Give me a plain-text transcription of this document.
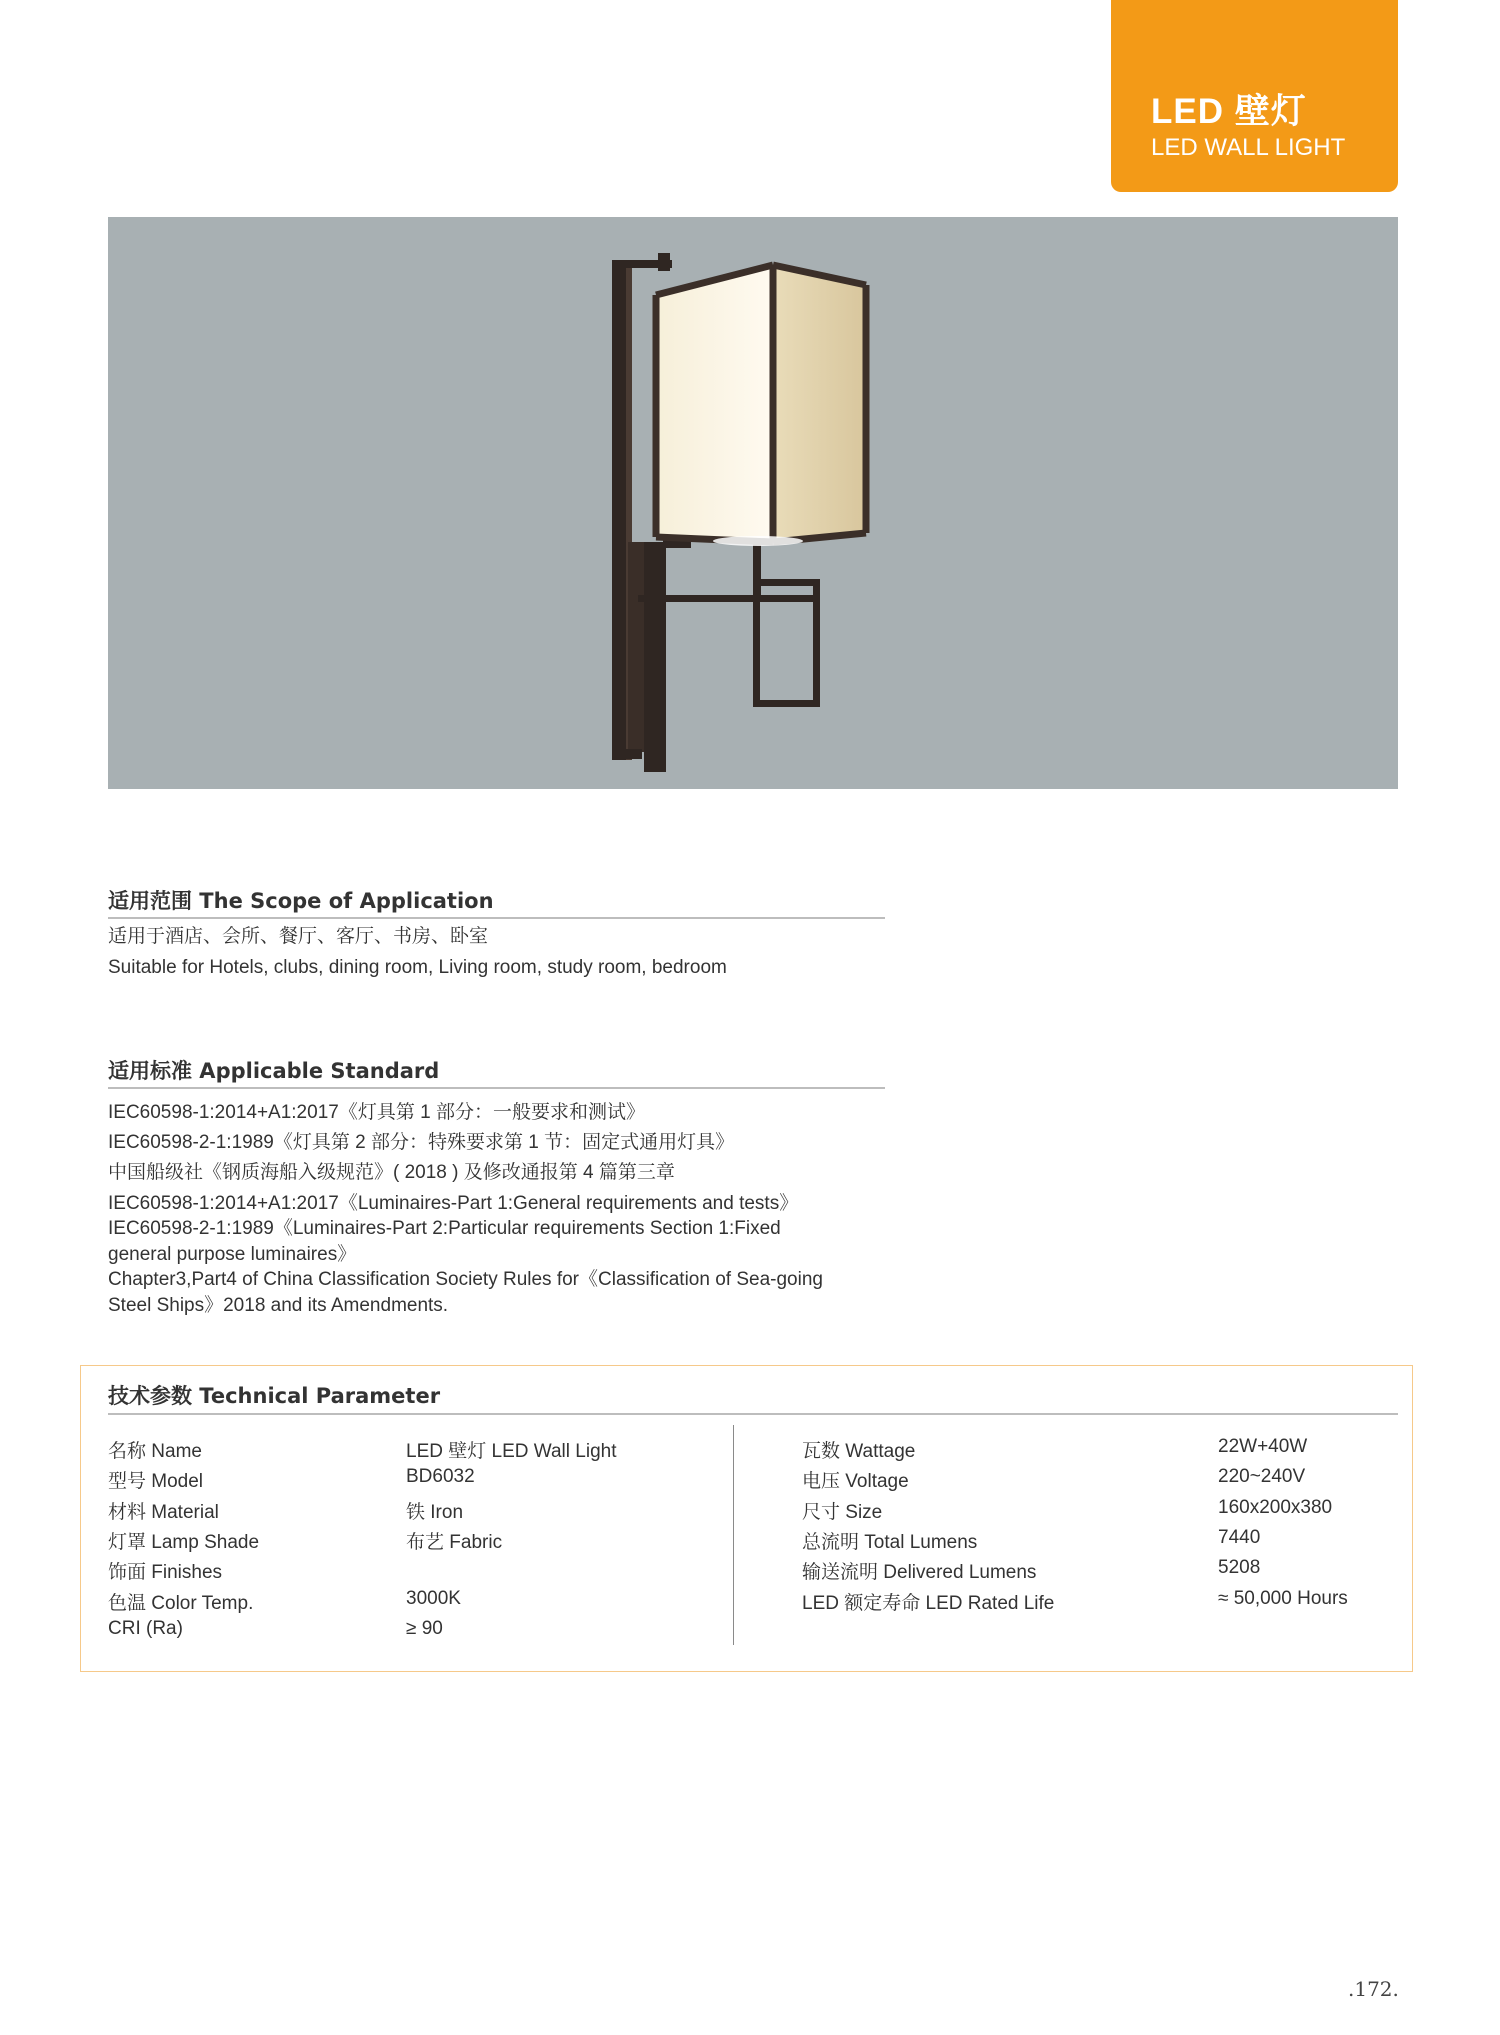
LED 壁灯
LED WALL LIGHT
适用范围 The Scope of Application
适用于酒店、会所、餐厅、客厅、书房、卧室
Suitable for Hotels, clubs, dining room, Living room, study room, bedroom
适用标准 Applicable Standard
IEC60598-1:2014+A1:2017《灯具第 1 部分：一般要求和测试》
IEC60598-2-1:1989《灯具第 2 部分：特殊要求第 1 节：固定式通用灯具》
中国船级社《钢质海船入级规范》( 2018 ) 及修改通报第 4 篇第三章
IEC60598-1:2014+A1:2017《Luminaires-Part 1:General requirements and tests》
IEC60598-2-1:1989《Luminaires-Part 2:Particular requirements Section 1:Fixed
general purpose luminaires》
Chapter3,Part4 of China Classification Society Rules for《Classification of Sea-going
Steel Ships》2018 and its Amendments.
技术参数 Technical Parameter
名称 Name	LED 壁灯 LED Wall Light
型号 Model	BD6032
材料 Material	铁 Iron
灯罩 Lamp Shade	布艺 Fabric
饰面 Finishes
色温 Color Temp.	3000K
CRI (Ra)	≥ 90
瓦数 Wattage	22W+40W
电压 Voltage	220~240V
尺寸 Size	160x200x380
总流明 Total Lumens	7440
输送流明 Delivered Lumens	5208
LED 额定寿命 LED Rated Life	≈ 50,000 Hours
.172.
